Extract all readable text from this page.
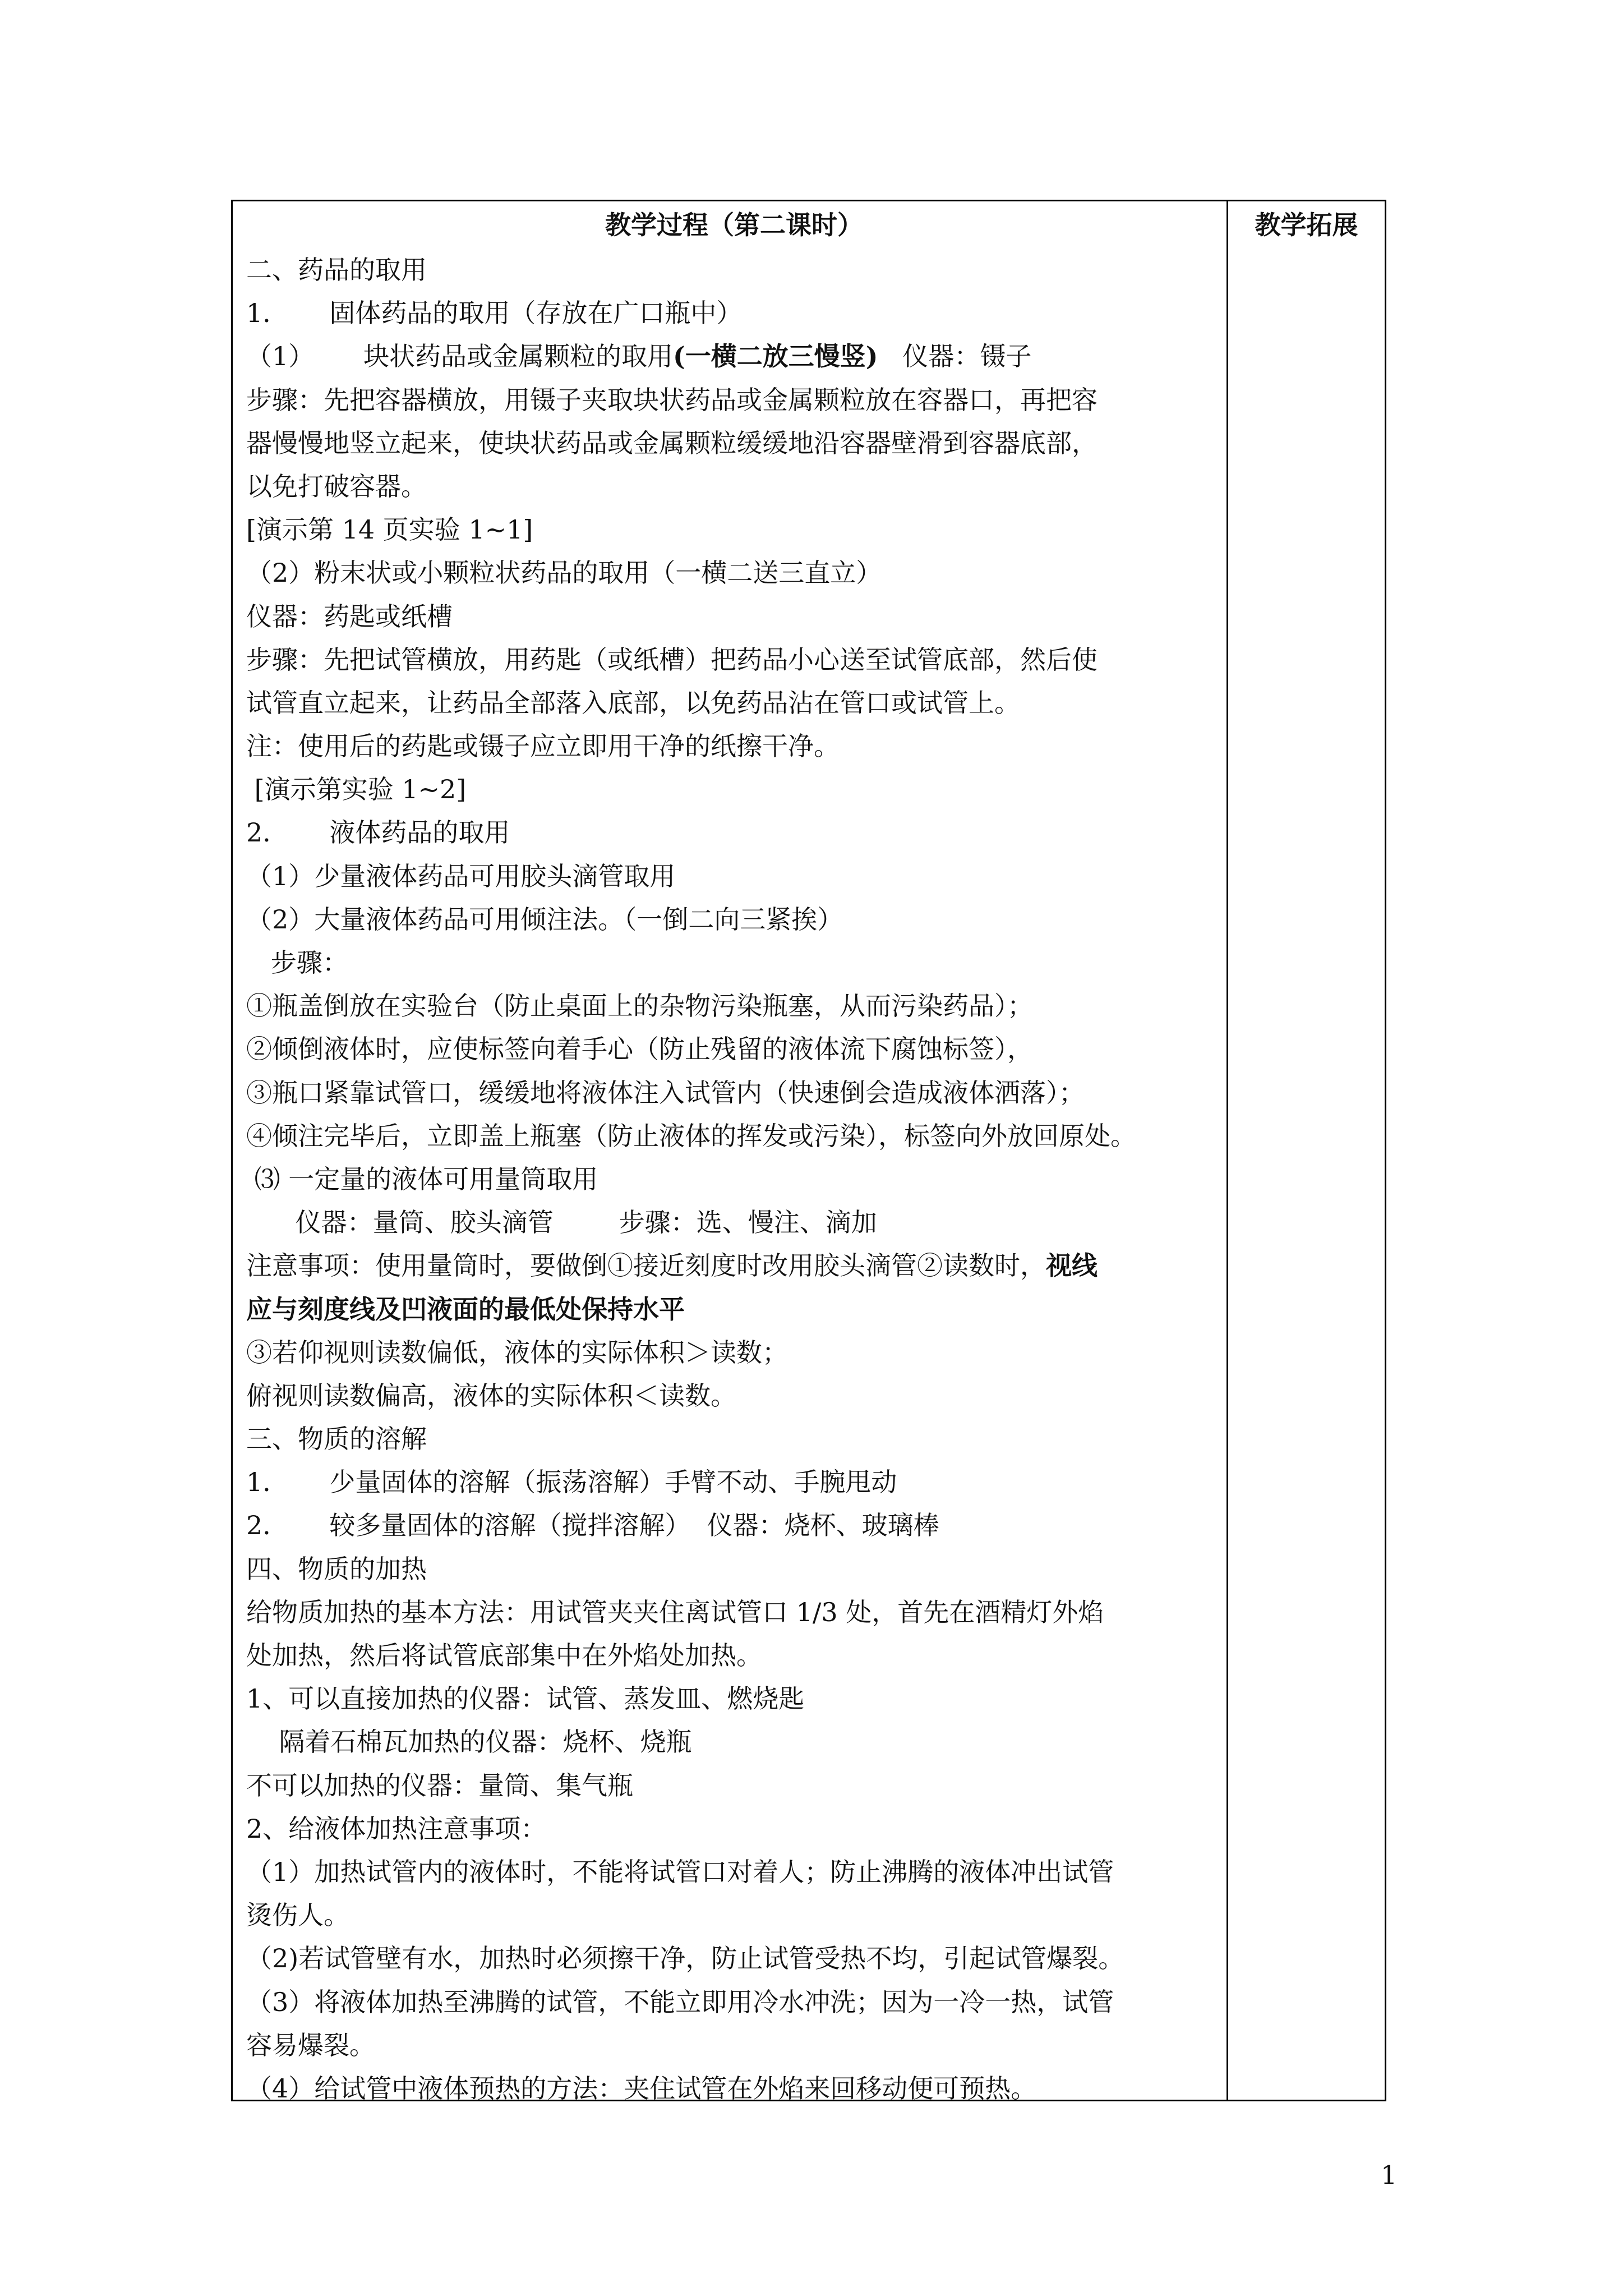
教学过程（第二课时）
二、药品的取用
1．     固体药品的取用（存放在广口瓶中）
（1）      块状药品或金属颗粒的取用(一横二放三慢竖)   仪器：镊子
步骤：先把容器横放，用镊子夹取块状药品或金属颗粒放在容器口，再把容
器慢慢地竖立起来，使块状药品或金属颗粒缓缓地沿容器壁滑到容器底部，
以免打破容器。
[演示第 14 页实验 1~1]
（2）粉末状或小颗粒状药品的取用（一横二送三直立）
仪器：药匙或纸槽
步骤：先把试管横放，用药匙（或纸槽）把药品小心送至试管底部，然后使
试管直立起来，让药品全部落入底部，以免药品沾在管口或试管上。
注：使用后的药匙或镊子应立即用干净的纸擦干净。
[演示第实验 1~2]
2．     液体药品的取用
（1）少量液体药品可用胶头滴管取用
（2）大量液体药品可用倾注法。（一倒二向三紧挨）
步骤：
①瓶盖倒放在实验台（防止桌面上的杂物污染瓶塞，从而污染药品）；
②倾倒液体时，应使标签向着手心（防止残留的液体流下腐蚀标签），
③瓶口紧靠试管口，缓缓地将液体注入试管内（快速倒会造成液体洒落）；
④倾注完毕后，立即盖上瓶塞（防止液体的挥发或污染），标签向外放回原处。
⑶ 一定量的液体可用量筒取用
仪器：量筒、胶头滴管        步骤：选、慢注、滴加
注意事项：使用量筒时，要做倒①接近刻度时改用胶头滴管②读数时，视线
应与刻度线及凹液面的最低处保持水平
③若仰视则读数偏低，液体的实际体积＞读数；
俯视则读数偏高，液体的实际体积＜读数。
三、物质的溶解
1．     少量固体的溶解（振荡溶解）手臂不动、手腕甩动
2．     较多量固体的溶解（搅拌溶解）  仪器：烧杯、玻璃棒
四、物质的加热
给物质加热的基本方法：用试管夹夹住离试管口 1/3 处，首先在酒精灯外焰
处加热，然后将试管底部集中在外焰处加热。
1、可以直接加热的仪器：试管、蒸发皿、燃烧匙
隔着石棉瓦加热的仪器：烧杯、烧瓶
不可以加热的仪器：量筒、集气瓶
2、给液体加热注意事项：
（1）加热试管内的液体时，不能将试管口对着人；防止沸腾的液体冲出试管
烫伤人。
（2)若试管壁有水，加热时必须擦干净，防止试管受热不均，引起试管爆裂。
（3）将液体加热至沸腾的试管，不能立即用冷水冲洗；因为一冷一热，试管
容易爆裂。
（4）给试管中液体预热的方法：夹住试管在外焰来回移动便可预热。
教学拓展
1
